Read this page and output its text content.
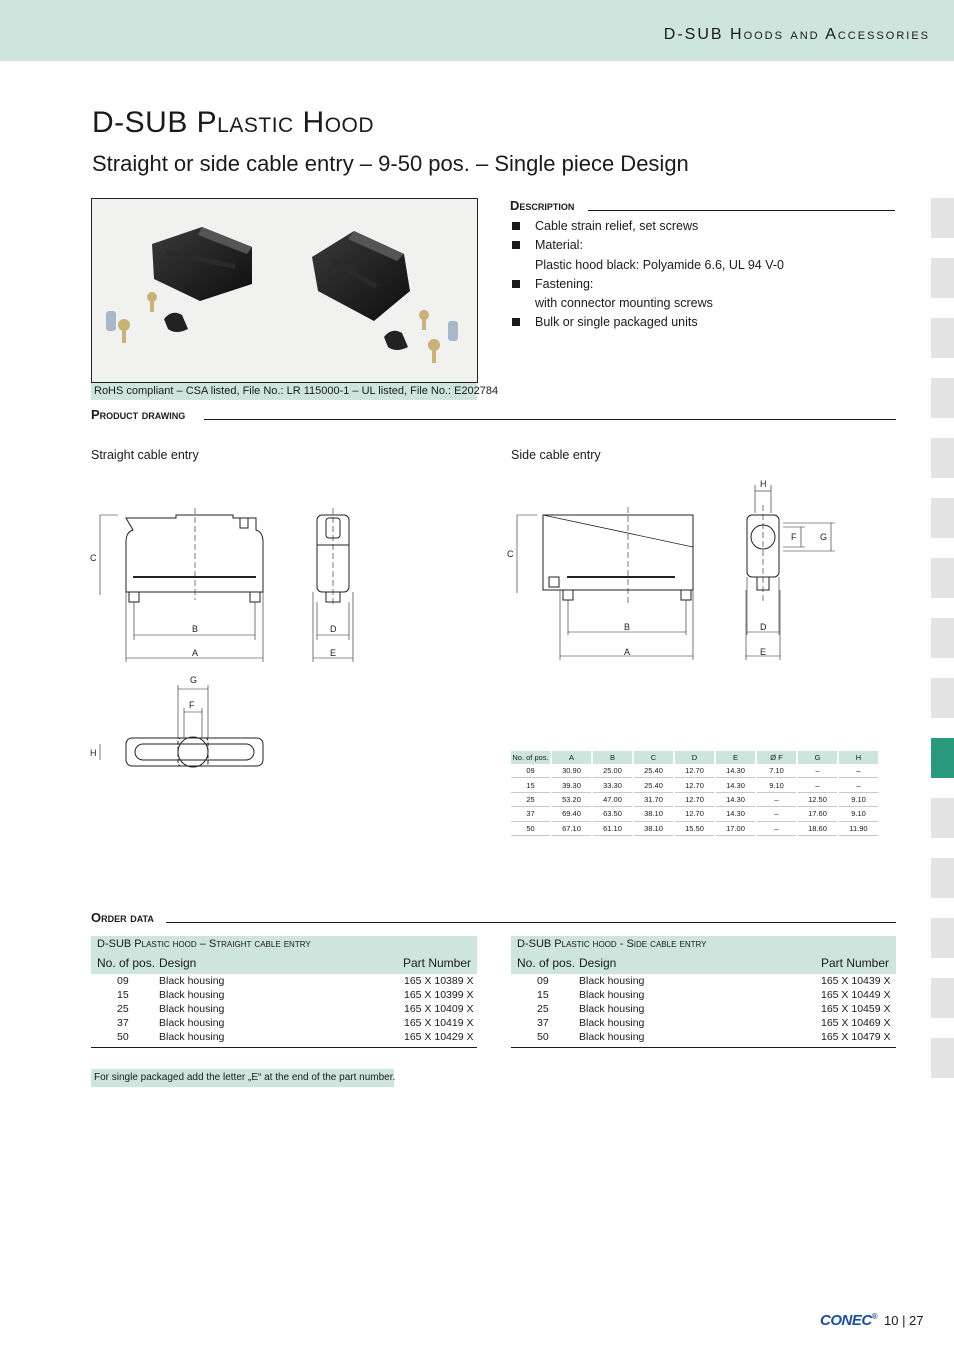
D-SUB Hoods and Accessories
D-SUB Plastic Hood
Straight or side cable entry – 9-50 pos. – Single piece Design
RoHS compliant – CSA listed, File No.: LR 115000-1 – UL listed, File No.: E202784
Description
Cable strain relief, set screws
Material:
Plastic hood black: Polyamide 6.6, UL 94 V-0
Fastening:
with connector mounting screws
Bulk or single packaged units
Product drawing
Straight cable entry	Side cable entry
C
B
A
D
E
G
F
H
C
B
A
D
E
H
F	G
No. of pos.	A	B	C	D	E	Ø F	G	H
09	30.90	25.00	25.40	12.70	14.30	7.10	–	–
15	39.30	33.30	25.40	12.70	14.30	9.10	–	–
25	53.20	47.00	31.70	12.70	14.30	–	12.50	9.10
37	69.40	63.50	38.10	12.70	14.30	–	17.60	9.10
50	67.10	61.10	38.10	15.50	17.00	–	18.60	11.90
Order data
D-SUB Plastic hood – Straight cable entry
No. of pos. Design	Part Number
09	Black housing	165 X 10389 X
15	Black housing	165 X 10399 X
25	Black housing	165 X 10409 X
37	Black housing	165 X 10419 X
50	Black housing	165 X 10429 X
D-SUB Plastic hood - Side cable entry
No. of pos. Design	Part Number
09	Black housing	165 X 10439 X
15	Black housing	165 X 10449 X
25	Black housing	165 X 10459 X
37	Black housing	165 X 10469 X
50	Black housing	165 X 10479 X
For single packaged add the letter „E“ at the end of the part number.
CONEC® 10 | 27
